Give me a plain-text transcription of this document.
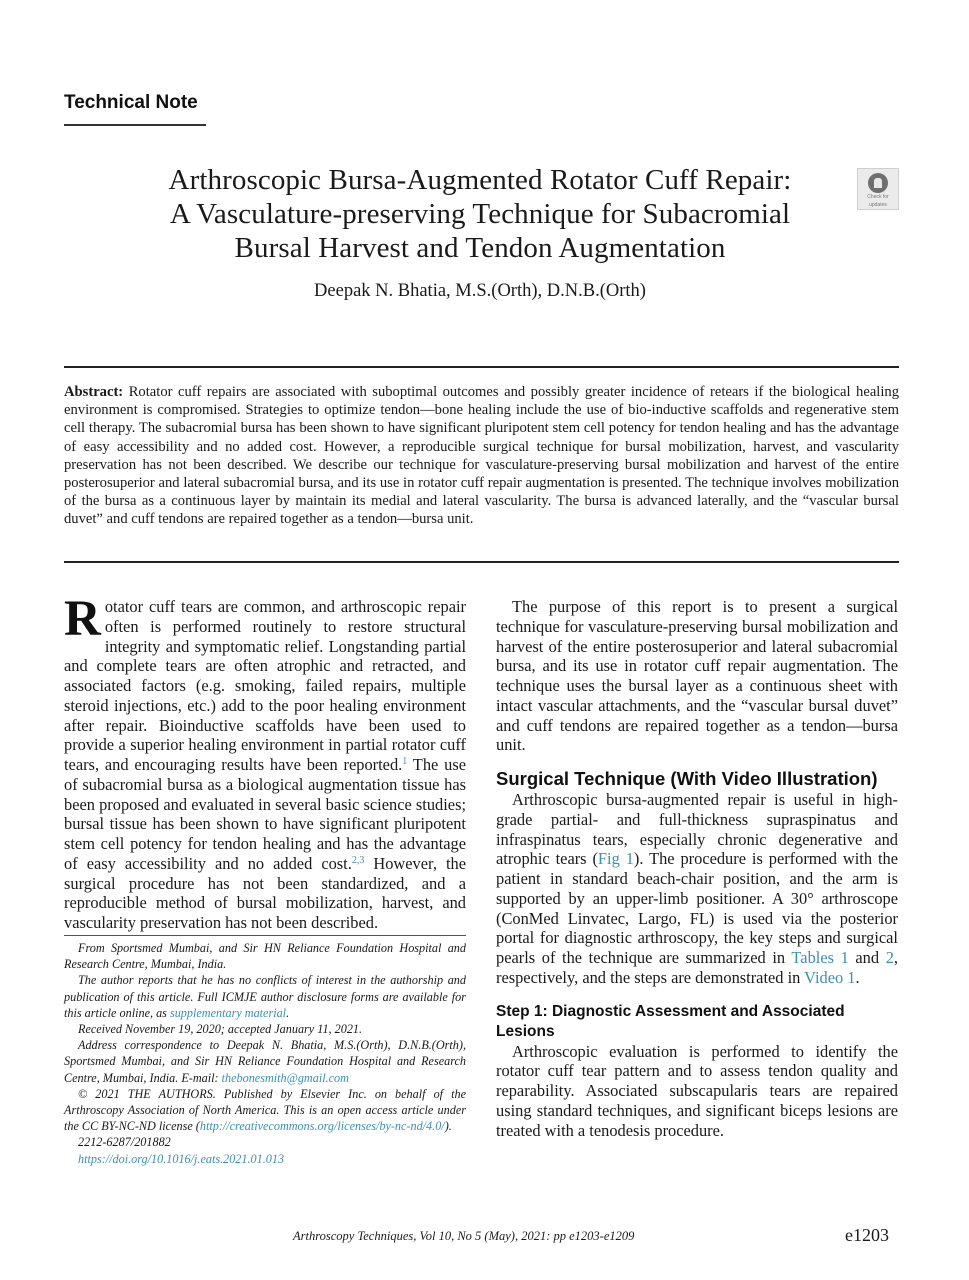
Technical Note
Arthroscopic Bursa-Augmented Rotator Cuff Repair:
A Vasculature-preserving Technique for Subacromial
Bursal Harvest and Tendon Augmentation
Check for
updates
Deepak N. Bhatia, M.S.(Orth), D.N.B.(Orth)
Abstract: Rotator cuff repairs are associated with suboptimal outcomes and possibly greater incidence of retears if the biological healing environment is compromised. Strategies to optimize tendon—bone healing include the use of bio-inductive scaffolds and regenerative stem cell therapy. The subacromial bursa has been shown to have significant pluripotent stem cell potency for tendon healing and has the advantage of easy accessibility and no added cost. However, a reproducible surgical technique for bursal mobilization, harvest, and vascularity preservation has not been described. We describe our technique for vasculature-preserving bursal mobilization and harvest of the entire posterosuperior and lateral subacromial bursa, and its use in rotator cuff repair augmentation is presented. The technique involves mobilization of the bursa as a continuous layer by maintain its medial and lateral vascularity. The bursa is advanced laterally, and the “vascular bursal duvet” and cuff tendons are repaired together as a tendon—bursa unit.

Rotator cuff tears are common, and arthroscopic repair often is performed routinely to restore structural integrity and symptomatic relief. Longstanding partial and complete tears are often atrophic and retracted, and associated factors (e.g. smoking, failed repairs, multiple steroid injections, etc.) add to the poor healing environment after repair. Bioinductive scaffolds have been used to provide a superior healing environment in partial rotator cuff tears, and encouraging results have been reported.$^1$ The use of subacromial bursa as a biological augmentation tissue has been proposed and evaluated in several basic science studies; bursal tissue has been shown to have significant pluripotent stem cell potency for tendon healing and has the advantage of easy accessibility and no added cost.$^{2,3}$ However, the surgical procedure has not been standardized, and a reproducible method of bursal mobilization, harvest, and vascularity preservation has not been described.

The purpose of this report is to present a surgical technique for vasculature-preserving bursal mobilization and harvest of the entire posterosuperior and lateral subacromial bursa, and its use in rotator cuff repair augmentation. The technique uses the bursal layer as a continuous sheet with intact vascular attachments, and the “vascular bursal duvet” and cuff tendons are repaired together as a tendon—bursa unit.

Surgical Technique (With Video Illustration)

Arthroscopic bursa-augmented repair is useful in high-grade partial- and full-thickness supraspinatus and infraspinatus tears, especially chronic degenerative and atrophic tears (Fig 1). The procedure is performed with the patient in standard beach-chair position, and the arm is supported by an upper-limb positioner. A 30° arthroscope (ConMed Linvatec, Largo, FL) is used via the posterior portal for diagnostic arthroscopy, the key steps and surgical pearls of the technique are summarized in Tables 1 and 2, respectively, and the steps are demonstrated in Video 1.

Step 1: Diagnostic Assessment and Associated Lesions

Arthroscopic evaluation is performed to identify the rotator cuff tear pattern and to assess tendon quality and reparability. Associated subscapularis tears are repaired using standard techniques, and significant biceps lesions are treated with a tenodesis procedure.

From Sportsmed Mumbai, and Sir HN Reliance Foundation Hospital and Research Centre, Mumbai, India.

The author reports that he has no conflicts of interest in the authorship and publication of this article. Full ICMJE author disclosure forms are available for this article online, as supplementary material.

Received November 19, 2020; accepted January 11, 2021.

Address correspondence to Deepak N. Bhatia, M.S.(Orth), D.N.B.(Orth), Sportsmed Mumbai, and Sir HN Reliance Foundation Hospital and Research Centre, Mumbai, India. E-mail: thebonesmith@gmail.com

© 2021 THE AUTHORS. Published by Elsevier Inc. on behalf of the Arthroscopy Association of North America. This is an open access article under the CC BY-NC-ND license (http://creativecommons.org/licenses/by-nc-nd/4.0/).

2212-6287/201882

https://doi.org/10.1016/j.eats.2021.01.013

Arthroscopy Techniques, Vol 10, No 5 (May), 2021: pp e1203-e1209	e1203
